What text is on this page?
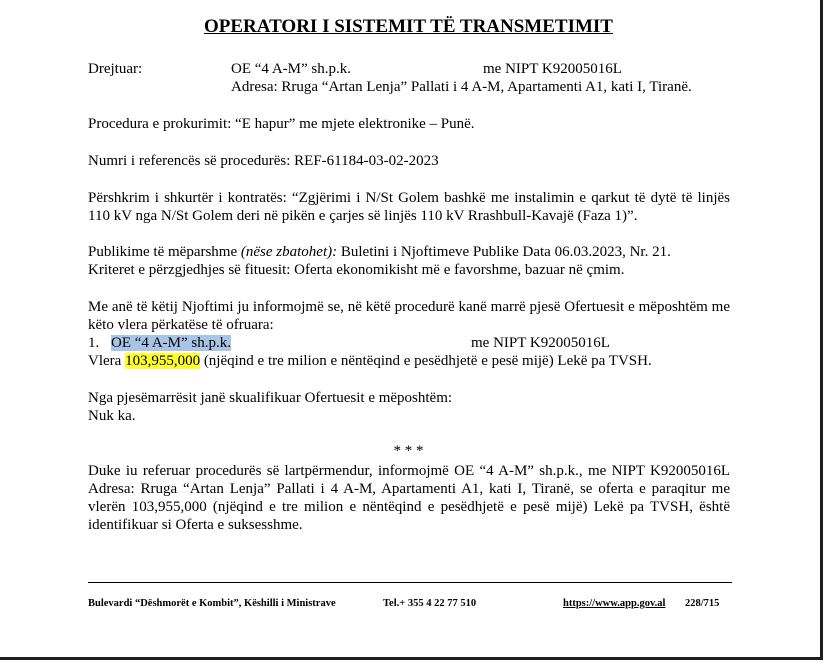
OPERATORI I SISTEMIT TË TRANSMETIMIT
Drejtuar:	OE “4 A-M” sh.p.k.	me NIPT K92005016L
Adresa: Rruga “Artan Lenja” Pallati i 4 A-M, Apartamenti A1, kati I, Tiranë.
Procedura e prokurimit: “E hapur” me mjete elektronike – Punë.
Numri i referencës së procedurës: REF-61184-03-02-2023
Përshkrim i shkurtër i kontratës: “Zgjërimi i N/St Golem bashkë me instalimin e qarkut të dytë të linjës 110 kV nga N/St Golem deri në pikën e çarjes së linjës 110 kV Rrashbull-Kavajë (Faza 1)”.
Publikime të mëparshme (nëse zbatohet): Buletini i Njoftimeve Publike Data 06.03.2023, Nr. 21.
Kriteret e përzgjedhjes së fituesit: Oferta ekonomikisht më e favorshme, bazuar në çmim.
Me anë të këtij Njoftimi ju informojmë se, në këtë procedurë kanë marrë pjesë Ofertuesit e mëposhtëm me këto vlera përkatëse të ofruara:
1. OE “4 A-M” sh.p.k.	me NIPT K92005016L
Vlera 103,955,000 (njëqind e tre milion e nëntëqind e pesëdhjetë e pesë mijë) Lekë pa TVSH.
Nga pjesëmarrësit janë skualifikuar Ofertuesit e mëposhtëm:
Nuk ka.
* * *
Duke iu referuar procedurës së lartpërmendur, informojmë OE “4 A-M” sh.p.k., me NIPT K92005016L Adresa: Rruga “Artan Lenja” Pallati i 4 A-M, Apartamenti A1, kati I, Tiranë, se oferta e paraqitur me vlerën 103,955,000 (njëqind e tre milion e nëntëqind e pesëdhjetë e pesë mijë) Lekë pa TVSH, është identifikuar si Oferta e suksesshme.
Bulevardi “Dëshmorët e Kombit”, Këshilli i Ministrave	Tel.+ 355 4 22 77 510	https://www.app.gov.al 228/715
